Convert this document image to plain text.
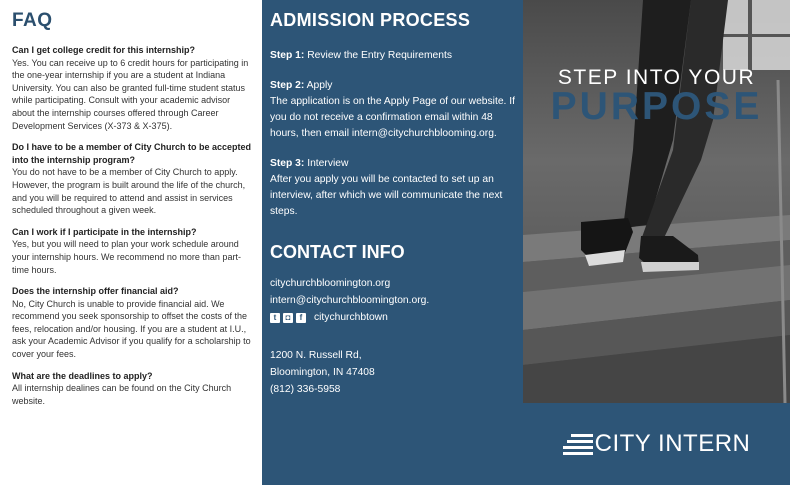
FAQ
Can I get college credit for this internship?
Yes. You can receive up to 6 credit hours for participating in the one-year internship if you are a student at Indiana University. You can also be granted full-time student status while participating. Consult with your academic advisor about the internship courses offered through Career Development Services (X-373 & X-375).
Do I have to be a member of City Church to be accepted into the internship program?
You do not have to be a member of City Church to apply. However, the program is built around the life of the church, and you will be required to attend and assist in services scheduled throughout a given week.
Can I work if I participate in the internship?
Yes, but you will need to plan your work schedule around your internship hours. We recommend no more than part-time hours.
Does the internship offer financial aid?
No, City Church is unable to provide financial aid. We recommend you seek sponsorship to offset the costs of the fees, relocation and/or housing. If you are a student at I.U., ask your Academic Advisor if you qualify for a scholarship to cover your fees.
What are the deadlines to apply?
All internship dealines can be found on the City Church website.
ADMISSION PROCESS
Step 1: Review the Entry Requirements
Step 2: Apply
The application is on the Apply Page of our website. If you do not receive a confirmation email within 48 hours, then email intern@citychurchblooming.org.
Step 3: Interview
After you apply you will be contacted to set up an interview, after which we will communicate the next steps.
CONTACT INFO
citychurchbloomington.org
intern@citychurchbloomington.org.
t	◘	f	citychurchbtown
1200 N. Russell Rd,
Bloomington, IN 47408
(812) 336-5958
STEP INTO YOUR
PURPOSE
CITY INTERN
